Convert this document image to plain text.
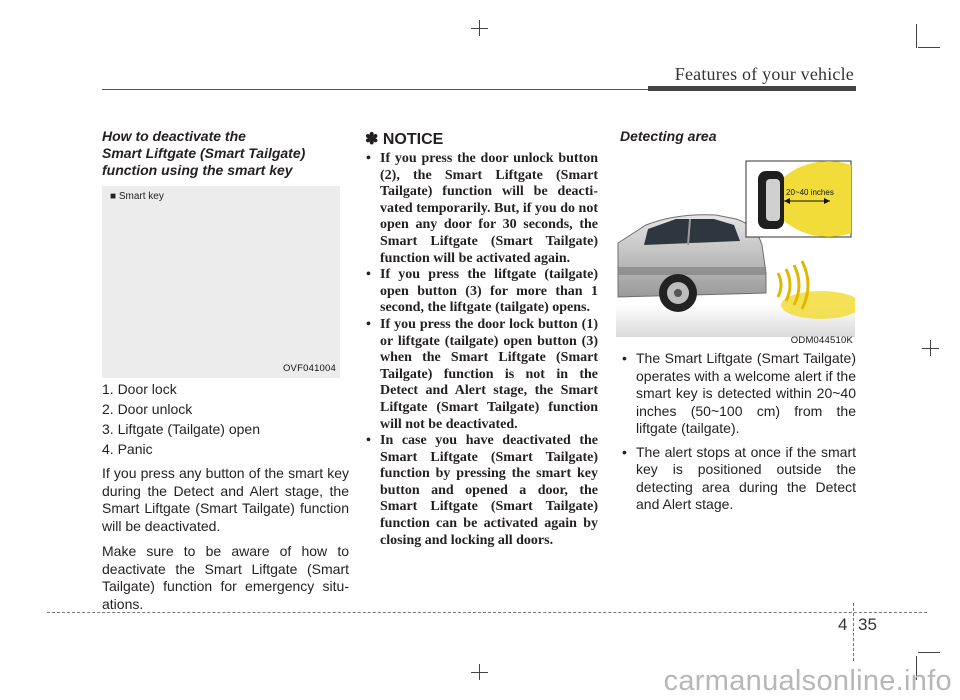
Features of your vehicle
How to deactivate the
Smart Liftgate (Smart Tailgate)
function using the smart key
■ Smart key
OVF041004
1. Door lock
2. Door unlock
3. Liftgate (Tailgate) open
4. Panic

If you press any button of the smart key during the Detect and Alert stage, the Smart Liftgate (Smart Tailgate) function will be deactivated.

Make sure to be aware of how to deactivate the Smart Liftgate (Smart Tailgate) function for emergency situations.

✽ NOTICE
• If you press the door unlock button (2), the Smart Liftgate (Smart Tailgate) function will be deactivated temporarily. But, if you do not open any door for 30 seconds, the Smart Liftgate (Smart Tailgate) function will be activated again.
• If you press the liftgate (tailgate) open button (3) for more than 1 second, the liftgate (tailgate) opens.
• If you press the door lock button (1) or liftgate (tailgate) open button (3) when the Smart Liftgate (Smart Tailgate) function is not in the Detect and Alert stage, the Smart Liftgate (Smart Tailgate) function will not be deactivated.
• In case you have deactivated the Smart Liftgate (Smart Tailgate) function by pressing the smart key button and opened a door, the Smart Liftgate (Smart Tailgate) function can be activated again by closing and locking all doors.
Detecting area
20~40 inches
ODM044510K
• The Smart Liftgate (Smart Tailgate) operates with a welcome alert if the smart key is detected within 20~40 inches (50~100 cm) from the liftgate (tailgate).
• The alert stops at once if the smart key is positioned outside the detecting area during the Detect and Alert stage.
4 35
carmanualsonline.info
